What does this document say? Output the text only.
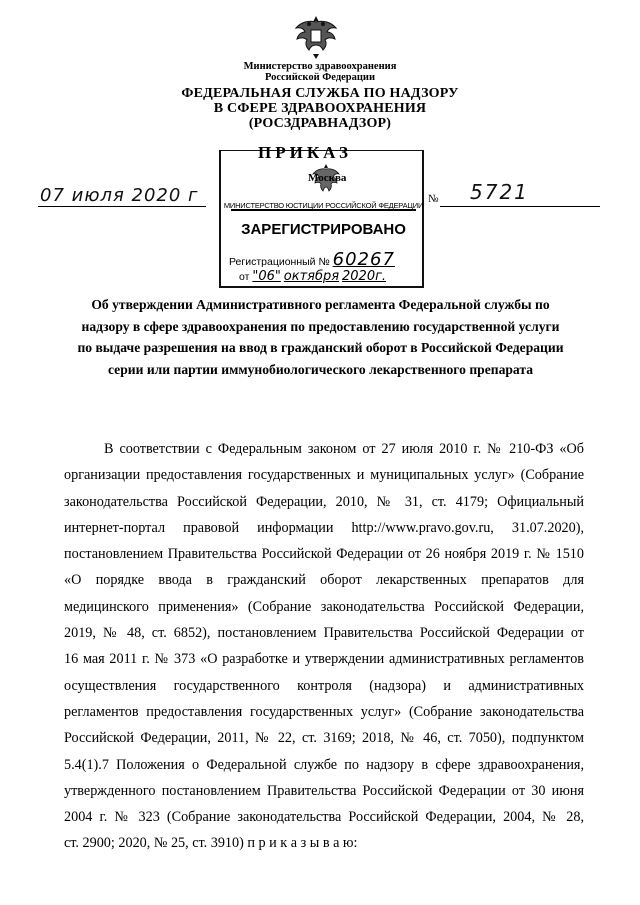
Министерство здравоохранения
Российской Федерации
ФЕДЕРАЛЬНАЯ СЛУЖБА ПО НАДЗОРУ
В СФЕРЕ ЗДРАВООХРАНЕНИЯ
(РОСЗДРАВНАДЗОР)
07 июля 2020 г	МИНИСТЕРСТВО ЮСТИЦИИ РОССИЙСКОЙ ФЕДЕРАЦИИ
ЗАРЕГИСТРИРОВАНО
Регистрационный № 60267
от "06" октября 2020г.
ПРИКАЗ
Москва
№ 5721
Об утверждении Административного регламента Федеральной службы по
надзору в сфере здравоохранения по предоставлению государственной услуги
по выдаче разрешения на ввод в гражданский оборот в Российской Федерации
серии или партии иммунобиологического лекарственного препарата
В соответствии с Федеральным законом от 27 июля 2010 г. № 210-ФЗ «Об
организации предоставления государственных и муниципальных услуг» (Собрание
законодательства Российской Федерации, 2010, № 31, ст. 4179; Официальный
интернет-портал правовой информации http://www.pravo.gov.ru, 31.07.2020),
постановлением Правительства Российской Федерации от 26 ноября 2019 г. № 1510
«О порядке ввода в гражданский оборот лекарственных препаратов для
медицинского применения» (Собрание законодательства Российской Федерации,
2019, № 48, ст. 6852), постановлением Правительства Российской Федерации от
16 мая 2011 г. № 373 «О разработке и утверждении административных регламентов
осуществления государственного контроля (надзора) и административных
регламентов предоставления государственных услуг» (Собрание законодательства
Российской Федерации, 2011, № 22, ст. 3169; 2018, № 46, ст. 7050), подпунктом
5.4(1).7 Положения о Федеральной службе по надзору в сфере здравоохранения,
утвержденного постановлением Правительства Российской Федерации от 30 июня
2004 г. № 323 (Собрание законодательства Российской Федерации, 2004, № 28,
ст. 2900; 2020, № 25, ст. 3910) п р и к а з ы в а ю:
